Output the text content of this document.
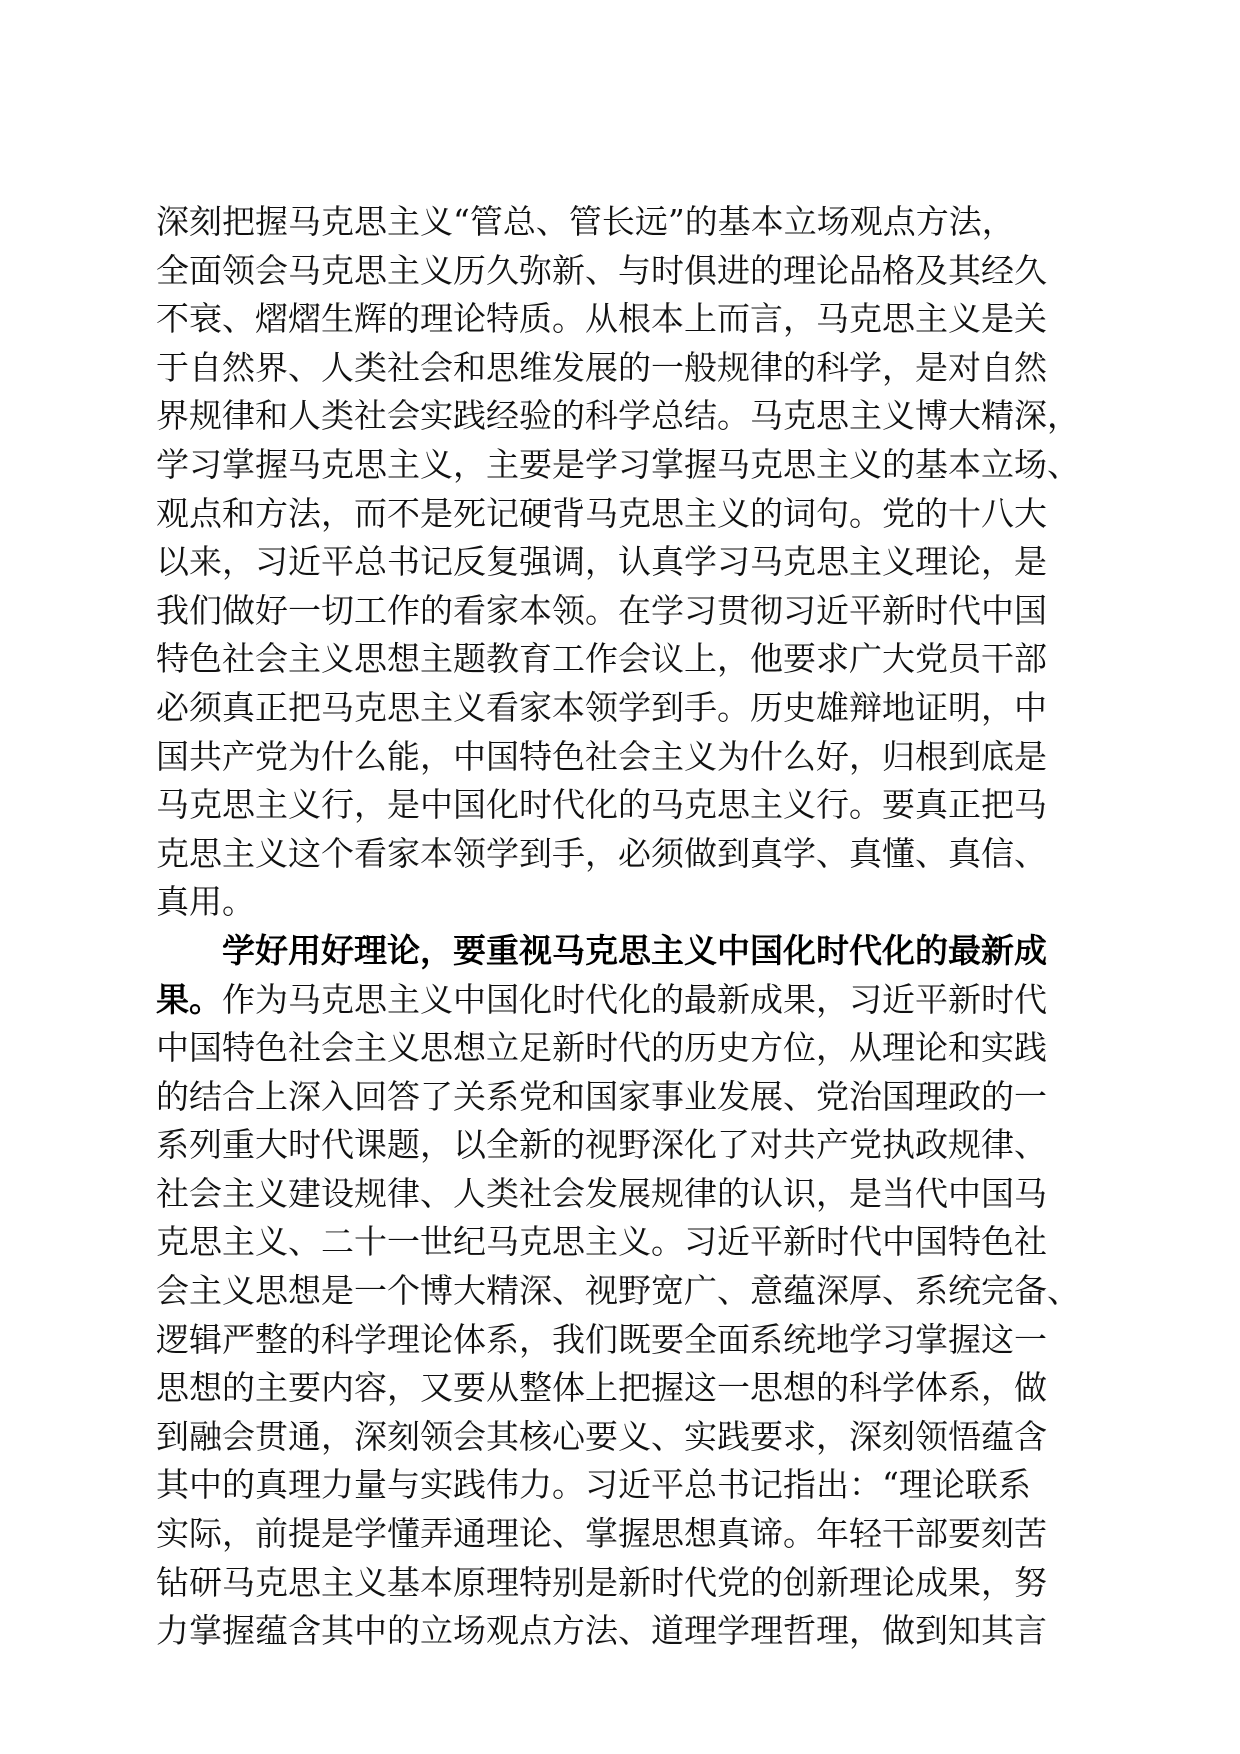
深刻把握马克思主义“管总、管长远”的基本立场观点方法，
全面领会马克思主义历久弥新、与时俱进的理论品格及其经久
不衰、熠熠生辉的理论特质。从根本上而言，马克思主义是关
于自然界、人类社会和思维发展的一般规律的科学，是对自然
界规律和人类社会实践经验的科学总结。马克思主义博大精深，
学习掌握马克思主义，主要是学习掌握马克思主义的基本立场、
观点和方法，而不是死记硬背马克思主义的词句。党的十八大
以来，习近平总书记反复强调，认真学习马克思主义理论，是
我们做好一切工作的看家本领。在学习贯彻习近平新时代中国
特色社会主义思想主题教育工作会议上，他要求广大党员干部
必须真正把马克思主义看家本领学到手。历史雄辩地证明，中
国共产党为什么能，中国特色社会主义为什么好，归根到底是
马克思主义行，是中国化时代化的马克思主义行。要真正把马
克思主义这个看家本领学到手，必须做到真学、真懂、真信、
真用。
学好用好理论，要重视马克思主义中国化时代化的最新成
果。作为马克思主义中国化时代化的最新成果，习近平新时代
中国特色社会主义思想立足新时代的历史方位，从理论和实践
的结合上深入回答了关系党和国家事业发展、党治国理政的一
系列重大时代课题，以全新的视野深化了对共产党执政规律、
社会主义建设规律、人类社会发展规律的认识，是当代中国马
克思主义、二十一世纪马克思主义。习近平新时代中国特色社
会主义思想是一个博大精深、视野宽广、意蕴深厚、系统完备、
逻辑严整的科学理论体系，我们既要全面系统地学习掌握这一
思想的主要内容，又要从整体上把握这一思想的科学体系，做
到融会贯通，深刻领会其核心要义、实践要求，深刻领悟蕴含
其中的真理力量与实践伟力。习近平总书记指出：“理论联系
实际，前提是学懂弄通理论、掌握思想真谛。年轻干部要刻苦
钻研马克思主义基本原理特别是新时代党的创新理论成果，努
力掌握蕴含其中的立场观点方法、道理学理哲理，做到知其言
